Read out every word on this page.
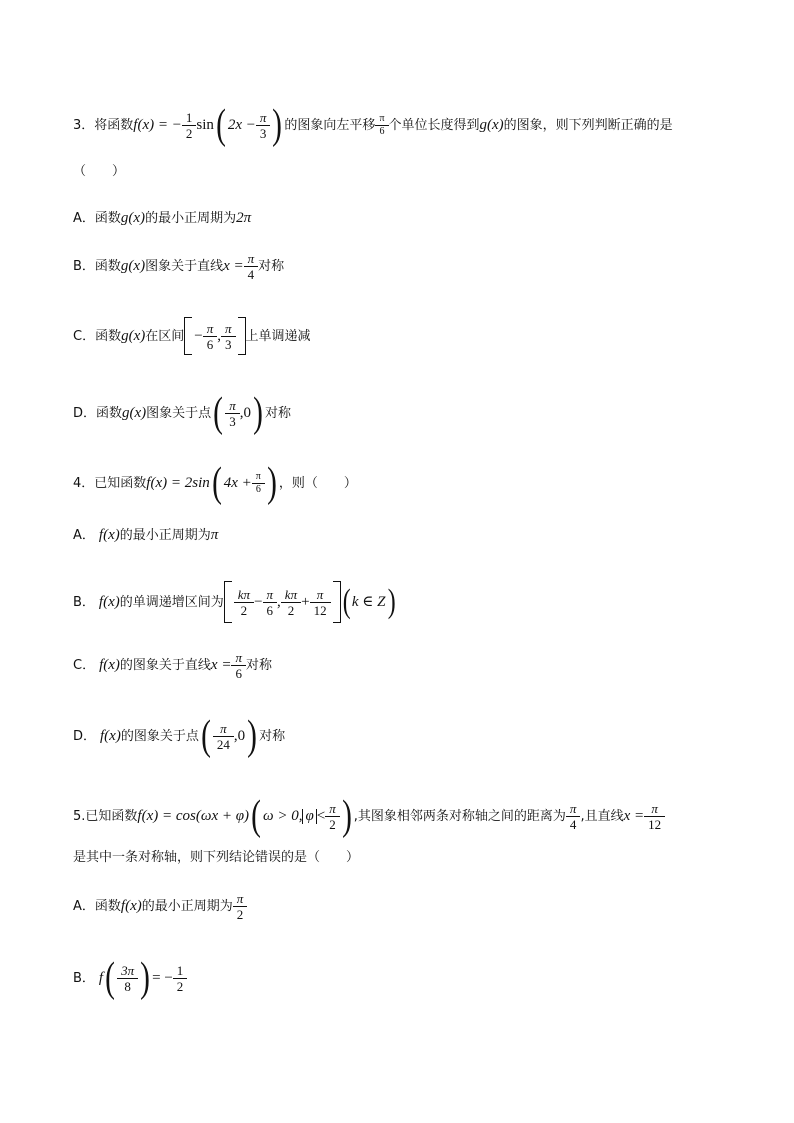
3． 将函数 f(x) = − $\frac{1}{2}$ sin ( $2x - \frac{\pi}{3}$ ) 的图象向左平移 $\frac{\pi}{6}$ 个单位长度得到 g(x) 的图象，则下列判断正确的是
（　　）
A．函数 g(x) 的最小正周期为 2π
B．函数 g(x) 图象关于直线 $x = \frac{\pi}{4}$ 对称
C．函数 g(x) 在区间 − $\frac{\pi}{6}$ , $\frac{\pi}{3}$ 上单调递减
D．函数 g(x) 图象关于点 ( $\frac{\pi}{3} ,0$ ) 对称
4． 已知函数 f(x) = 2sin ( $4x + \frac{\pi}{6}$ ) ，则（　　）
A． f(x) 的最小正周期为 π
B． f(x) 的单调递增区间为 $\frac{k\pi}{2} - \frac{\pi}{6}$ , $\frac{k\pi}{2} + \frac{\pi}{12}$ ( k ∈ Z )
C． f(x) 的图象关于直线 $x = \frac{\pi}{6}$ 对称
D． f(x) 的图象关于点 ( $\frac{\pi}{24} ,0$ ) 对称
5. 已知函数 f(x) = cos(ωx + φ) ( ω > 0, $\varphi < \frac{\pi}{2}$ ) ,其图象相邻两条对称轴之间的距离为 $\frac{\pi}{4}$ ,且直线 $x = \frac{\pi}{12}$
是其中一条对称轴，则下列结论错误的是（　　）
A．函数 f(x) 的最小正周期为 $\frac{\pi}{2}$
B． f ( $\frac{3\pi}{8}$ ) = − $\frac{1}{2}$
